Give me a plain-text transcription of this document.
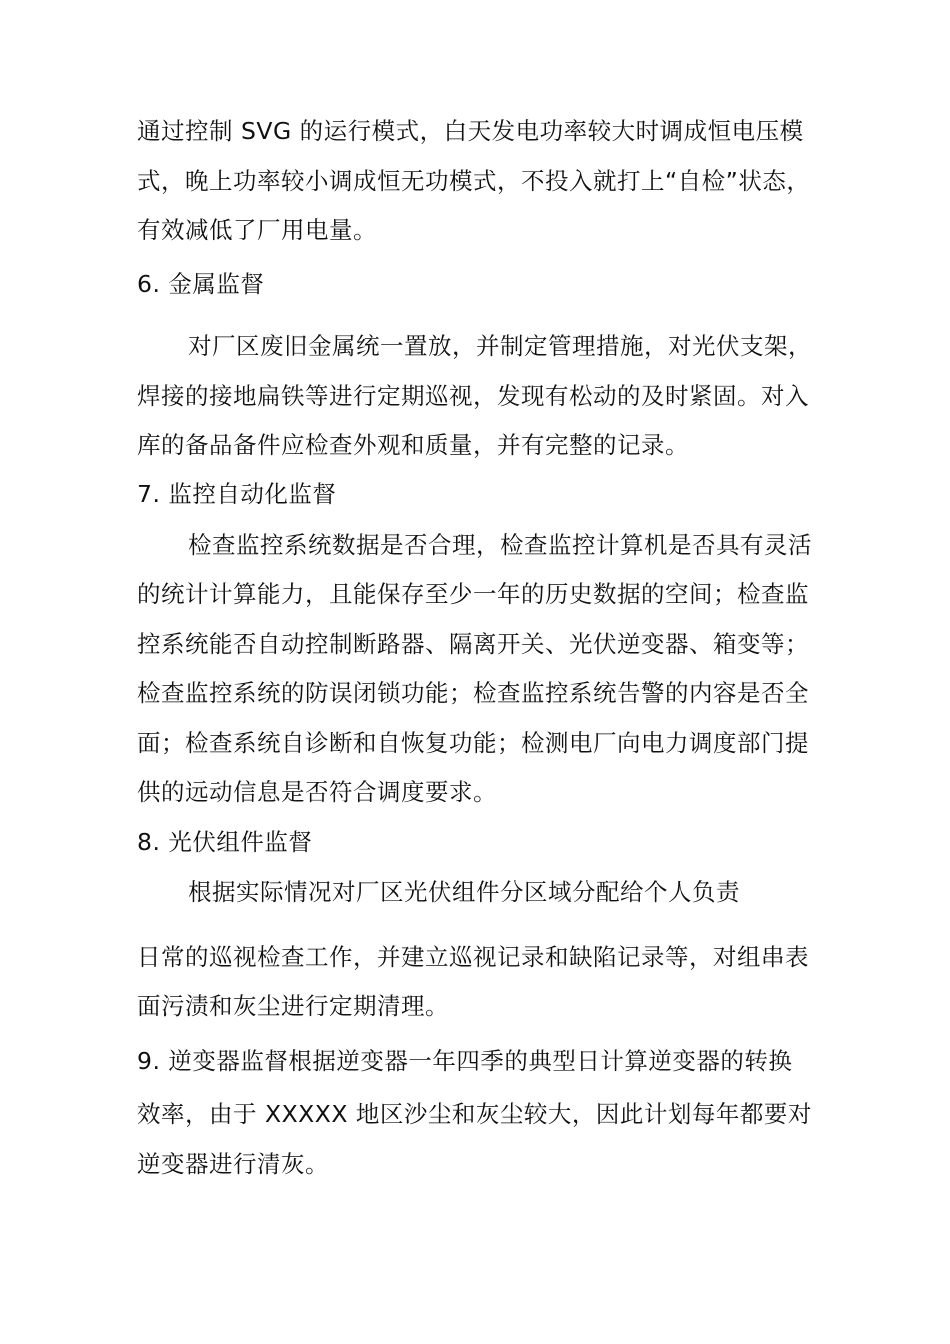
通过控制 SVG 的运行模式，白天发电功率较大时调成恒电压模
式，晚上功率较小调成恒无功模式，不投入就打上“自检”状态，
有效减低了厂用电量。
6. 金属监督
对厂区废旧金属统一置放，并制定管理措施，对光伏支架，
焊接的接地扁铁等进行定期巡视，发现有松动的及时紧固。对入
库的备品备件应检查外观和质量，并有完整的记录。
7. 监控自动化监督
检查监控系统数据是否合理，检查监控计算机是否具有灵活
的统计计算能力，且能保存至少一年的历史数据的空间；检查监
控系统能否自动控制断路器、隔离开关、光伏逆变器、箱变等；
检查监控系统的防误闭锁功能；检查监控系统告警的内容是否全
面；检查系统自诊断和自恢复功能；检测电厂向电力调度部门提
供的远动信息是否符合调度要求。
8. 光伏组件监督
根据实际情况对厂区光伏组件分区域分配给个人负责
日常的巡视检查工作，并建立巡视记录和缺陷记录等，对组串表
面污渍和灰尘进行定期清理。
9. 逆变器监督根据逆变器一年四季的典型日计算逆变器的转换
效率，由于 XXXXX 地区沙尘和灰尘较大，因此计划每年都要对
逆变器进行清灰。
